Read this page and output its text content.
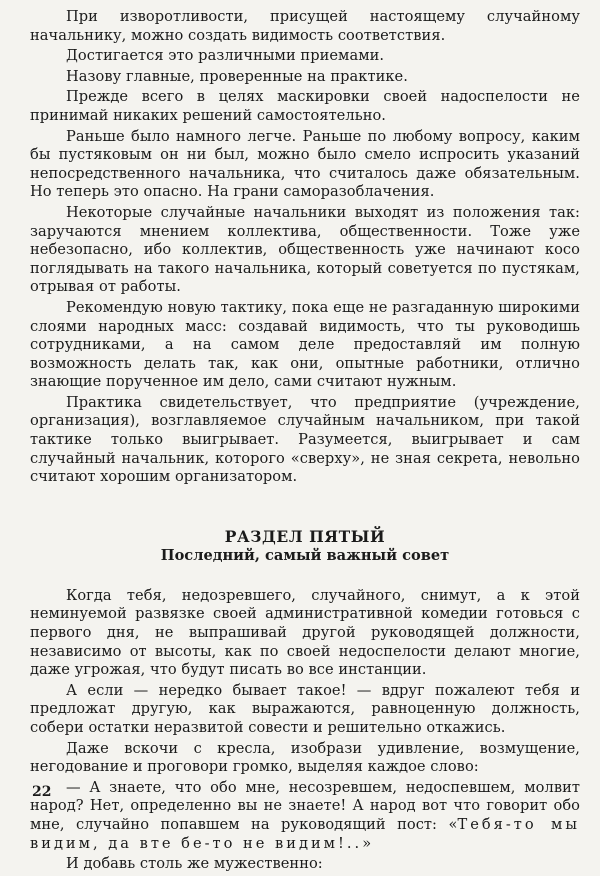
При изворотливости, присущей настоящему случайному начальнику, можно создать видимость соответствия.

Достигается это различными приемами.

Назову главные, проверенные на практике.

Прежде всего в целях маскировки своей надоспелости не принимай никаких решений самостоятельно.

Раньше было намного легче. Раньше по любому вопросу, каким бы пустяковым он ни был, можно было смело испросить указаний непосредственного начальника, что считалось даже обязательным. Но теперь это опасно. На грани саморазоблачения.

Некоторые случайные начальники выходят из положения так: заручаются мнением коллектива, общественности. Тоже уже небезопасно, ибо коллектив, общественность уже начинают косо поглядывать на такого начальника, который советуется по пустякам, отрывая от работы.

Рекомендую новую тактику, пока еще не разгаданную широкими слоями народных масс: создавай видимость, что ты руководишь сотрудниками, а на самом деле предоставляй им полную возможность делать так, как они, опытные работники, отлично знающие порученное им дело, сами считают нужным.

Практика свидетельствует, что предприятие (учреждение, организация), возглавляемое случайным начальником, при такой тактике только выигрывает. Разумеется, выигрывает и сам случайный начальник, которого «сверху», не зная секрета, невольно считают хорошим организатором.

РАЗДЕЛ ПЯТЫЙ
Последний, самый важный совет

Когда тебя, недозревшего, случайного, снимут, а к этой неминуемой развязке своей административной комедии готовься с первого дня, не выпрашивай другой руководящей должности, независимо от высоты, как по своей недоспелости делают многие, даже угрожая, что будут писать во все инстанции.

А если — нередко бывает такое! — вдруг пожалеют тебя и предложат другую, как выражаются, равноценную должность, собери остатки неразвитой совести и решительно откажись.

Даже вскочи с кресла, изобрази удивление, возмущение, негодование и проговори громко, выделяя каждое слово:

— А знаете, что обо мне, несозревшем, недоспевшем, молвит народ? Нет, определенно вы не знаете! А народ вот что говорит обо мне, случайно попавшем на руководящий пост: «Тебя-то мы видим, да вте бе-то не видим!..»

И добавь столь же мужественно:

22
